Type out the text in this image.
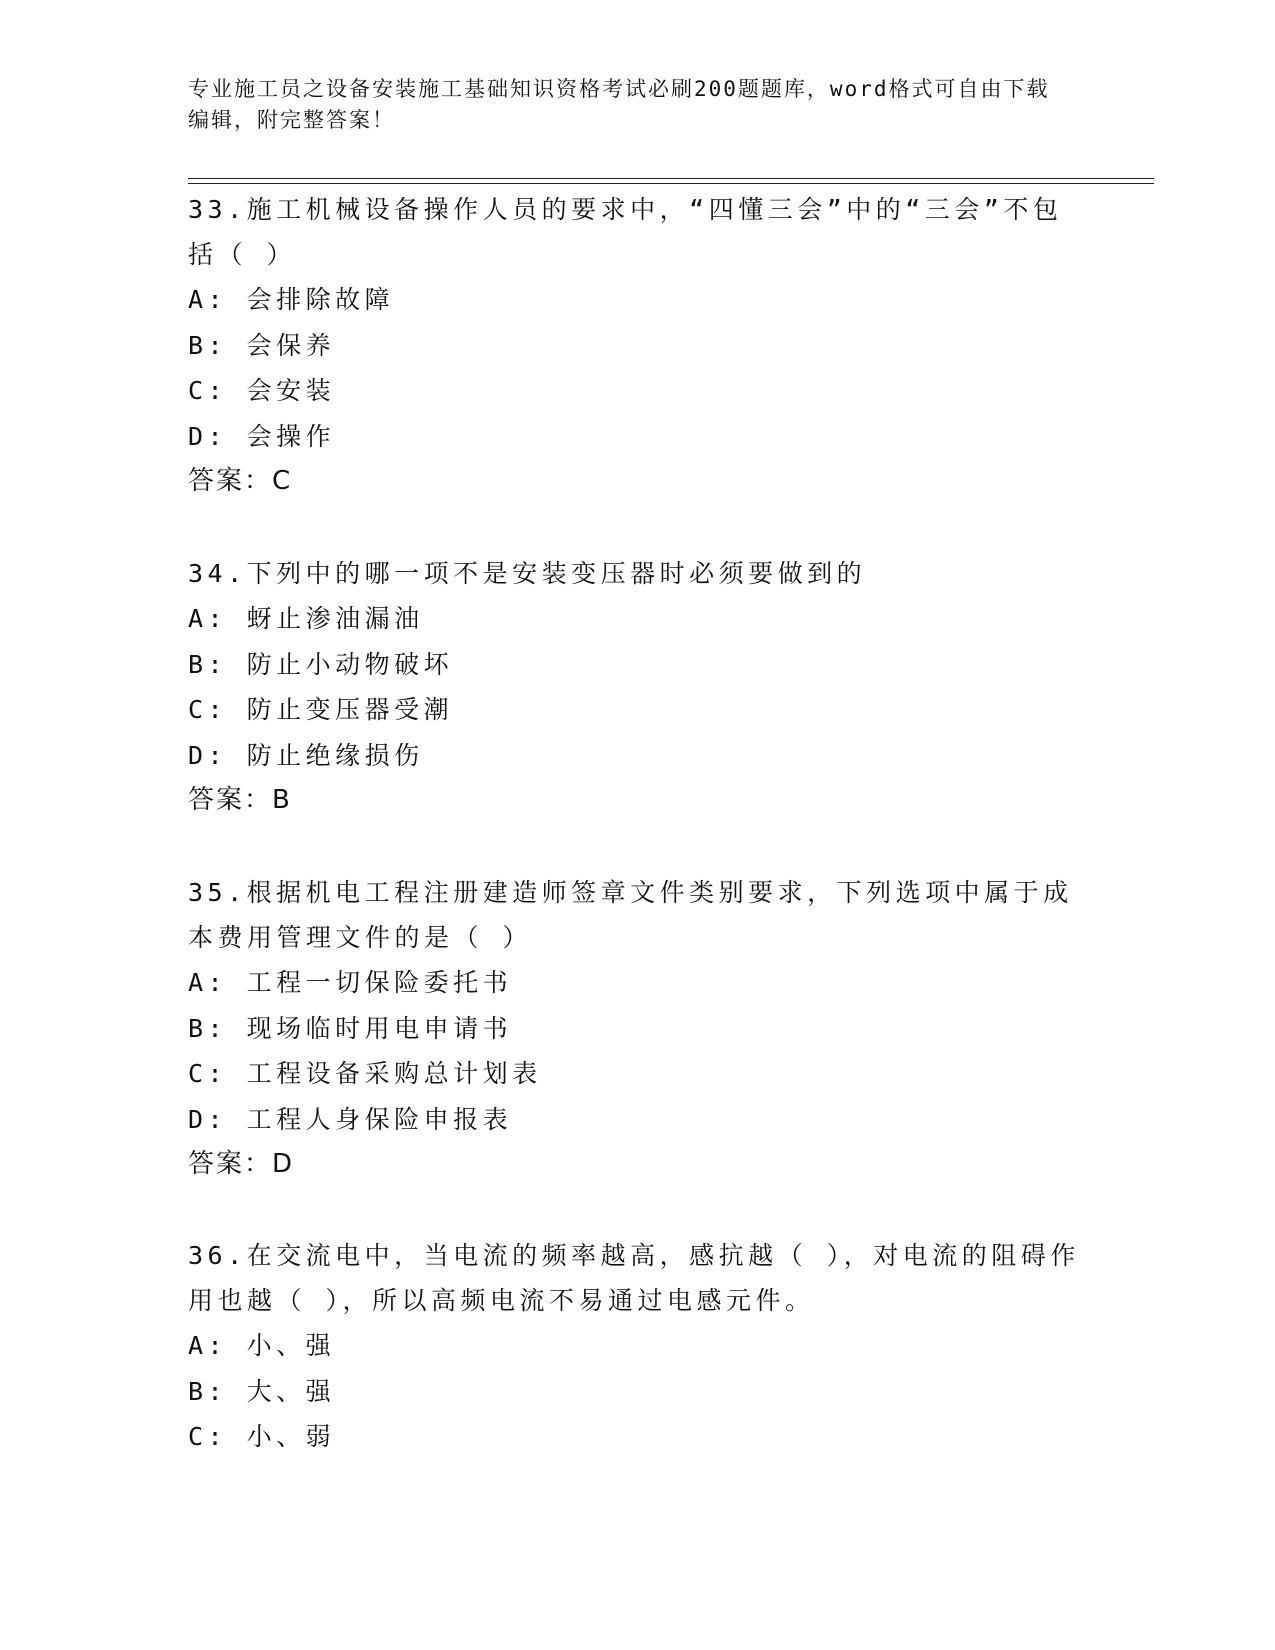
专业施工员之设备安装施工基础知识资格考试必刷200题题库，word格式可自由下载编辑，附完整答案！

33.施工机械设备操作人员的要求中，“四懂三会”中的“三会”不包括（ ）

A: 会排除故障

B: 会保养

C: 会安装

D: 会操作

答案：C

34.下列中的哪一项不是安装变压器时必须要做到的

A: 蚜止渗油漏油

B: 防止小动物破坏

C: 防止变压器受潮

D: 防止绝缘损伤

答案：B

35.根据机电工程注册建造师签章文件类别要求，下列选项中属于成本费用管理文件的是（ ）

A: 工程一切保险委托书

B: 现场临时用电申请书

C: 工程设备采购总计划表

D: 工程人身保险申报表

答案：D

36.在交流电中，当电流的频率越高，感抗越（ ），对电流的阻碍作用也越（ ），所以高频电流不易通过电感元件。

A: 小、强

B: 大、强

C: 小、弱
